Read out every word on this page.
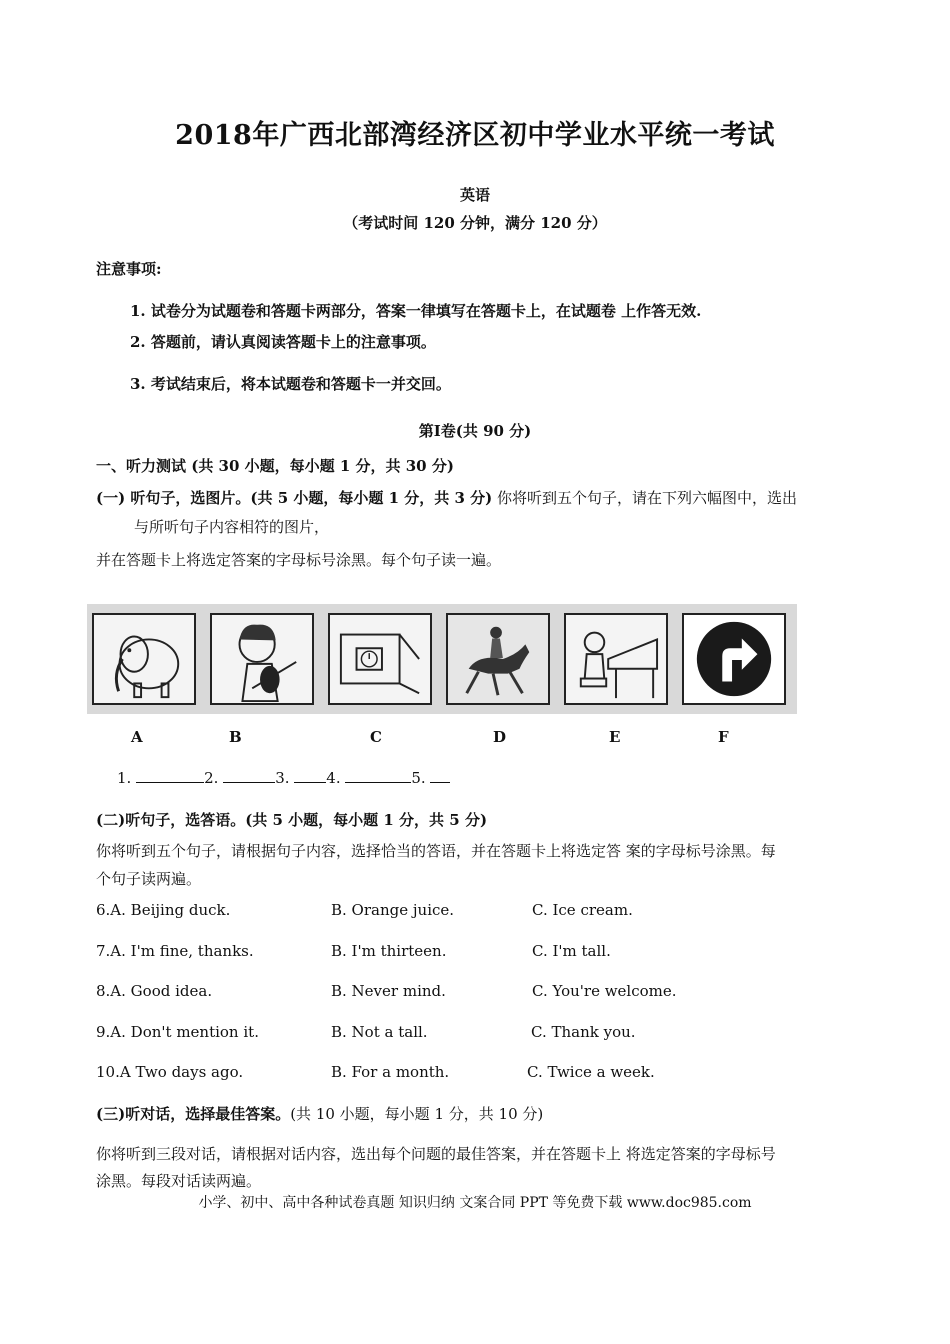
2018年广西北部湾经济区初中学业水平统一考试
英语
（考试时间 120 分钟，满分 120 分）
注意事项:
1. 试卷分为试题卷和答题卡两部分，答案一律填写在答题卡上，在试题卷 上作答无效.
2. 答题前，请认真阅读答题卡上的注意事项。
3. 考试结束后，将本试题卷和答题卡一并交回。
第Ⅰ卷(共 90 分)
一、听力测试 (共 30 小题，每小题 1 分，共 30 分)
(一) 听句子，选图片。(共 5 小题，每小题 1 分，共 3 分) 你将听到五个句子，请在下列六幅图中，选出
与所听句子内容相符的图片，
并在答题卡上将选定答案的字母标号涂黑。每个句子读一遍。
A	B	C	D	E	F
1.	2.	3. 4.	5.
(二)听句子，选答语。(共 5 小题，每小题 1 分，共 5 分)
你将听到五个句子，请根据句子内容，选择恰当的答语，并在答题卡上将选定答 案的字母标号涂黑。每
个句子读两遍。
6.A. Beijing duck.	B. Orange juice.	C. Ice cream.
7.A. I'm fine, thanks.	B. I'm thirteen.	C. I'm tall.
8.A. Good idea.	B. Never mind.	C. You're welcome.
9.A. Don't mention it.	B. Not a tall.	C. Thank you.
10.A Two days ago.	B. For a month.	C. Twice a week.
(三)听对话，选择最佳答案。(共 10 小题，每小题 1 分，共 10 分)
你将听到三段对话，请根据对话内容，选出每个问题的最佳答案，并在答题卡上 将选定答案的字母标号
涂黑。每段对话读两遍。
小学、初中、高中各种试卷真题 知识归纳 文案合同 PPT 等免费下载 www.doc985.com
